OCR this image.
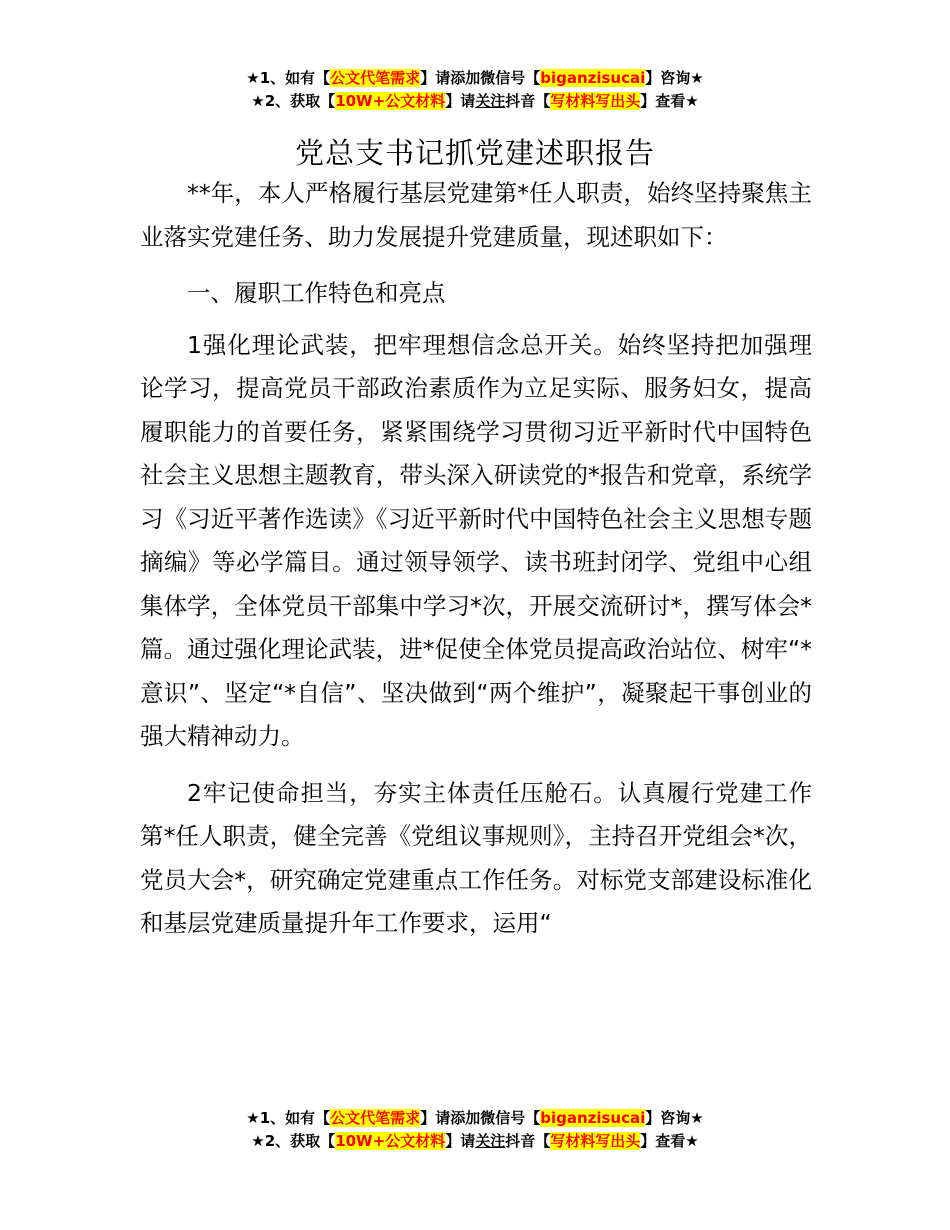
★1、如有【公文代笔需求】请添加微信号【biganzisucai】咨询★
★2、获取【10W+公文材料】请关注抖音【写材料写出头】查看★
党总支书记抓党建述职报告

**年，本人严格履行基层党建第*任人职责，始终坚持聚焦主业落实党建任务、助力发展提升党建质量，现述职如下：

一、履职工作特色和亮点

1强化理论武装，把牢理想信念总开关。始终坚持把加强理论学习，提高党员干部政治素质作为立足实际、服务妇女，提高履职能力的首要任务，紧紧围绕学习贯彻习近平新时代中国特色社会主义思想主题教育，带头深入研读党的*报告和党章，系统学习《习近平著作选读》《习近平新时代中国特色社会主义思想专题摘编》等必学篇目。通过领导领学、读书班封闭学、党组中心组集体学，全体党员干部集中学习*次，开展交流研讨*，撰写体会*篇。通过强化理论武装，进*促使全体党员提高政治站位、树牢“*意识”、坚定“*自信”、坚决做到“两个维护”，凝聚起干事创业的强大精神动力。

2牢记使命担当，夯实主体责任压舱石。认真履行党建工作第*任人职责，健全完善《党组议事规则》，主持召开党组会*次，党员大会*，研究确定党建重点工作任务。对标党支部建设标准化和基层党建质量提升年工作要求，运用“

★1、如有【公文代笔需求】请添加微信号【biganzisucai】咨询★
★2、获取【10W+公文材料】请关注抖音【写材料写出头】查看★
